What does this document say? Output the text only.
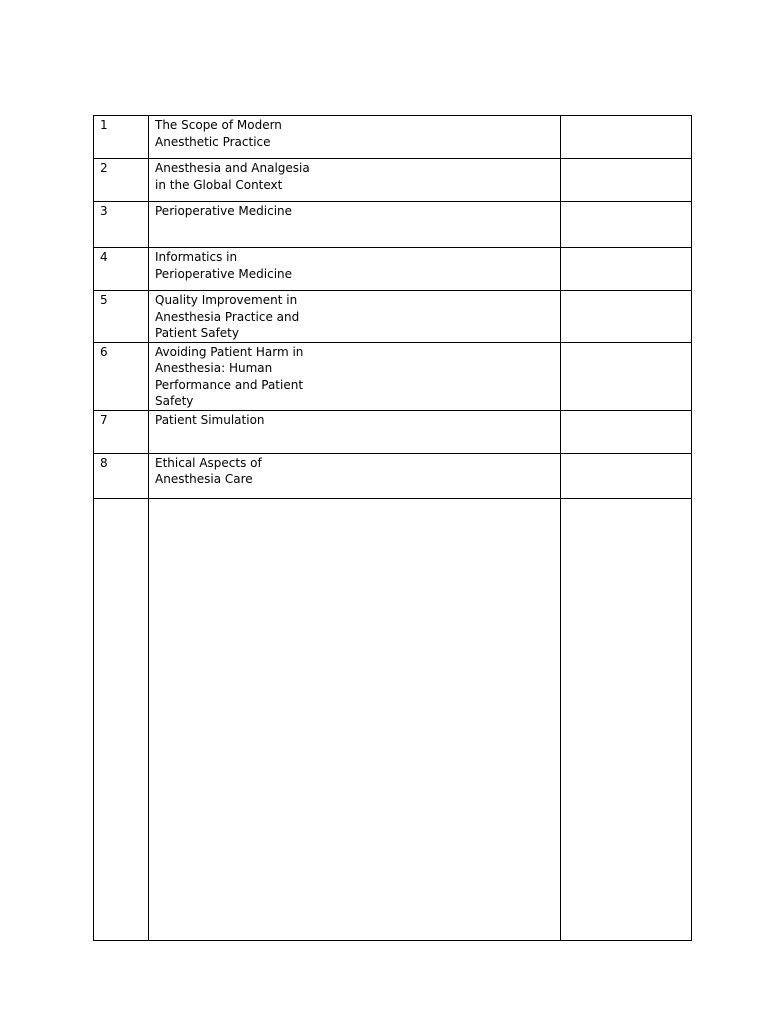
1	The Scope of Modern Anesthetic Practice	

2	Anesthesia and Analgesia in the Global Context	

3	Perioperative Medicine	

4	Informatics in Perioperative Medicine	

5	Quality Improvement in Anesthesia Practice and Patient Safety	

6	Avoiding Patient Harm in Anesthesia: Human Performance and Patient Safety	

7	Patient Simulation	

8	Ethical Aspects of Anesthesia Care	
